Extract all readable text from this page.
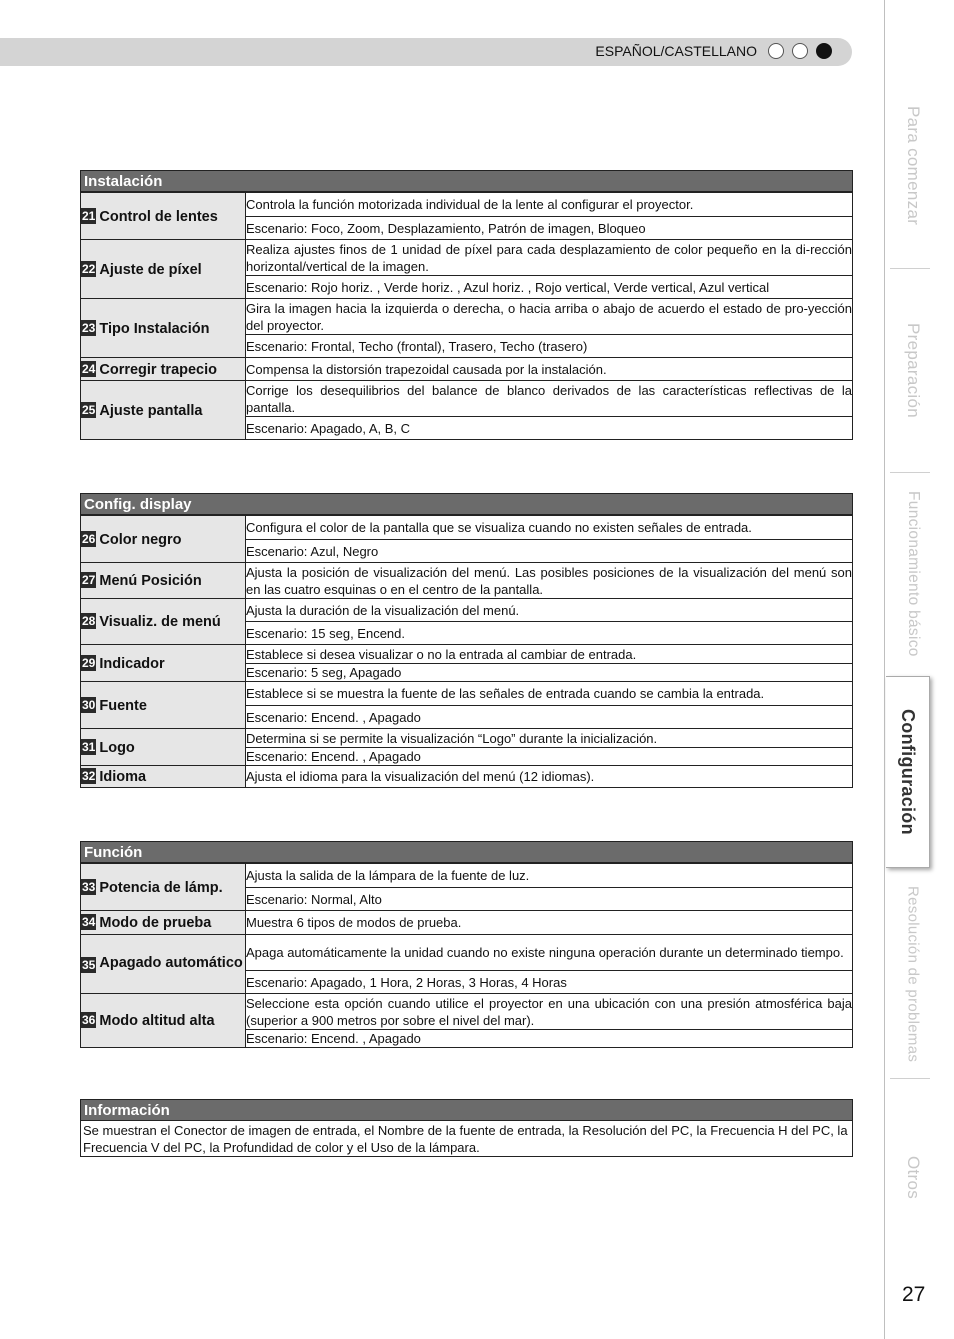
ESPAÑOL/CASTELLANO
Para comenzar
Preparación
Funcionamiento básico
Configuración
Resolución de problemas
Otros
27
Instalación
21 Control de lentes	Controla la función motorizada individual de la lente al configurar el proyector.
	Escenario: Foco, Zoom, Desplazamiento, Patrón de imagen, Bloqueo
22 Ajuste de píxel	Realiza ajustes finos de 1 unidad de píxel para cada desplazamiento de color pequeño en la di-rección horizontal/vertical de la imagen.
	Escenario: Rojo horiz. , Verde horiz. , Azul horiz. , Rojo vertical, Verde vertical, Azul vertical
23 Tipo Instalación	Gira la imagen hacia la izquierda o derecha, o hacia arriba o abajo de acuerdo el estado de pro-yección del proyector.
	Escenario: Frontal, Techo (frontal), Trasero, Techo (trasero)
24 Corregir trapecio	Compensa la distorsión trapezoidal causada por la instalación.
25 Ajuste pantalla	Corrige los desequilibrios del balance de blanco derivados de las características reflectivas de la pantalla.
	Escenario: Apagado, A, B, C
Config. display
26 Color negro	Configura el color de la pantalla que se visualiza cuando no existen señales de entrada.
	Escenario: Azul, Negro
27 Menú Posición	Ajusta la posición de visualización del menú. Las posibles posiciones de la visualización del menú son en las cuatro esquinas o en el centro de la pantalla.
28 Visualiz. de menú	Ajusta la duración de la visualización del menú.
	Escenario: 15 seg, Encend.
29 Indicador	Establece si desea visualizar o no la entrada al cambiar de entrada.
	Escenario: 5 seg, Apagado
30 Fuente	Establece si se muestra la fuente de las señales de entrada cuando se cambia la entrada.
	Escenario: Encend. , Apagado
31 Logo	Determina si se permite la visualización “Logo” durante la inicialización.
	Escenario: Encend. , Apagado
32 Idioma	Ajusta el idioma para la visualización del menú (12 idiomas).
Función
33 Potencia de lámp.	Ajusta la salida de la lámpara de la fuente de luz.
	Escenario: Normal, Alto
34 Modo de prueba	Muestra 6 tipos de modos de prueba.

35 Apagado automático	Apaga automáticamente la unidad cuando no existe ninguna operación durante un determinado tiempo.
	Escenario: Apagado, 1 Hora, 2 Horas, 3 Horas, 4 Horas
36 Modo altitud alta	Seleccione esta opción cuando utilice el proyector en una ubicación con una presión atmosférica baja (superior a 900 metros por sobre el nivel del mar).
	Escenario: Encend. , Apagado
Información
Se muestran el Conector de imagen de entrada, el Nombre de la fuente de entrada, la Resolución del PC, la Frecuencia H del PC, la Frecuencia V del PC, la Profundidad de color y el Uso de la lámpara.
